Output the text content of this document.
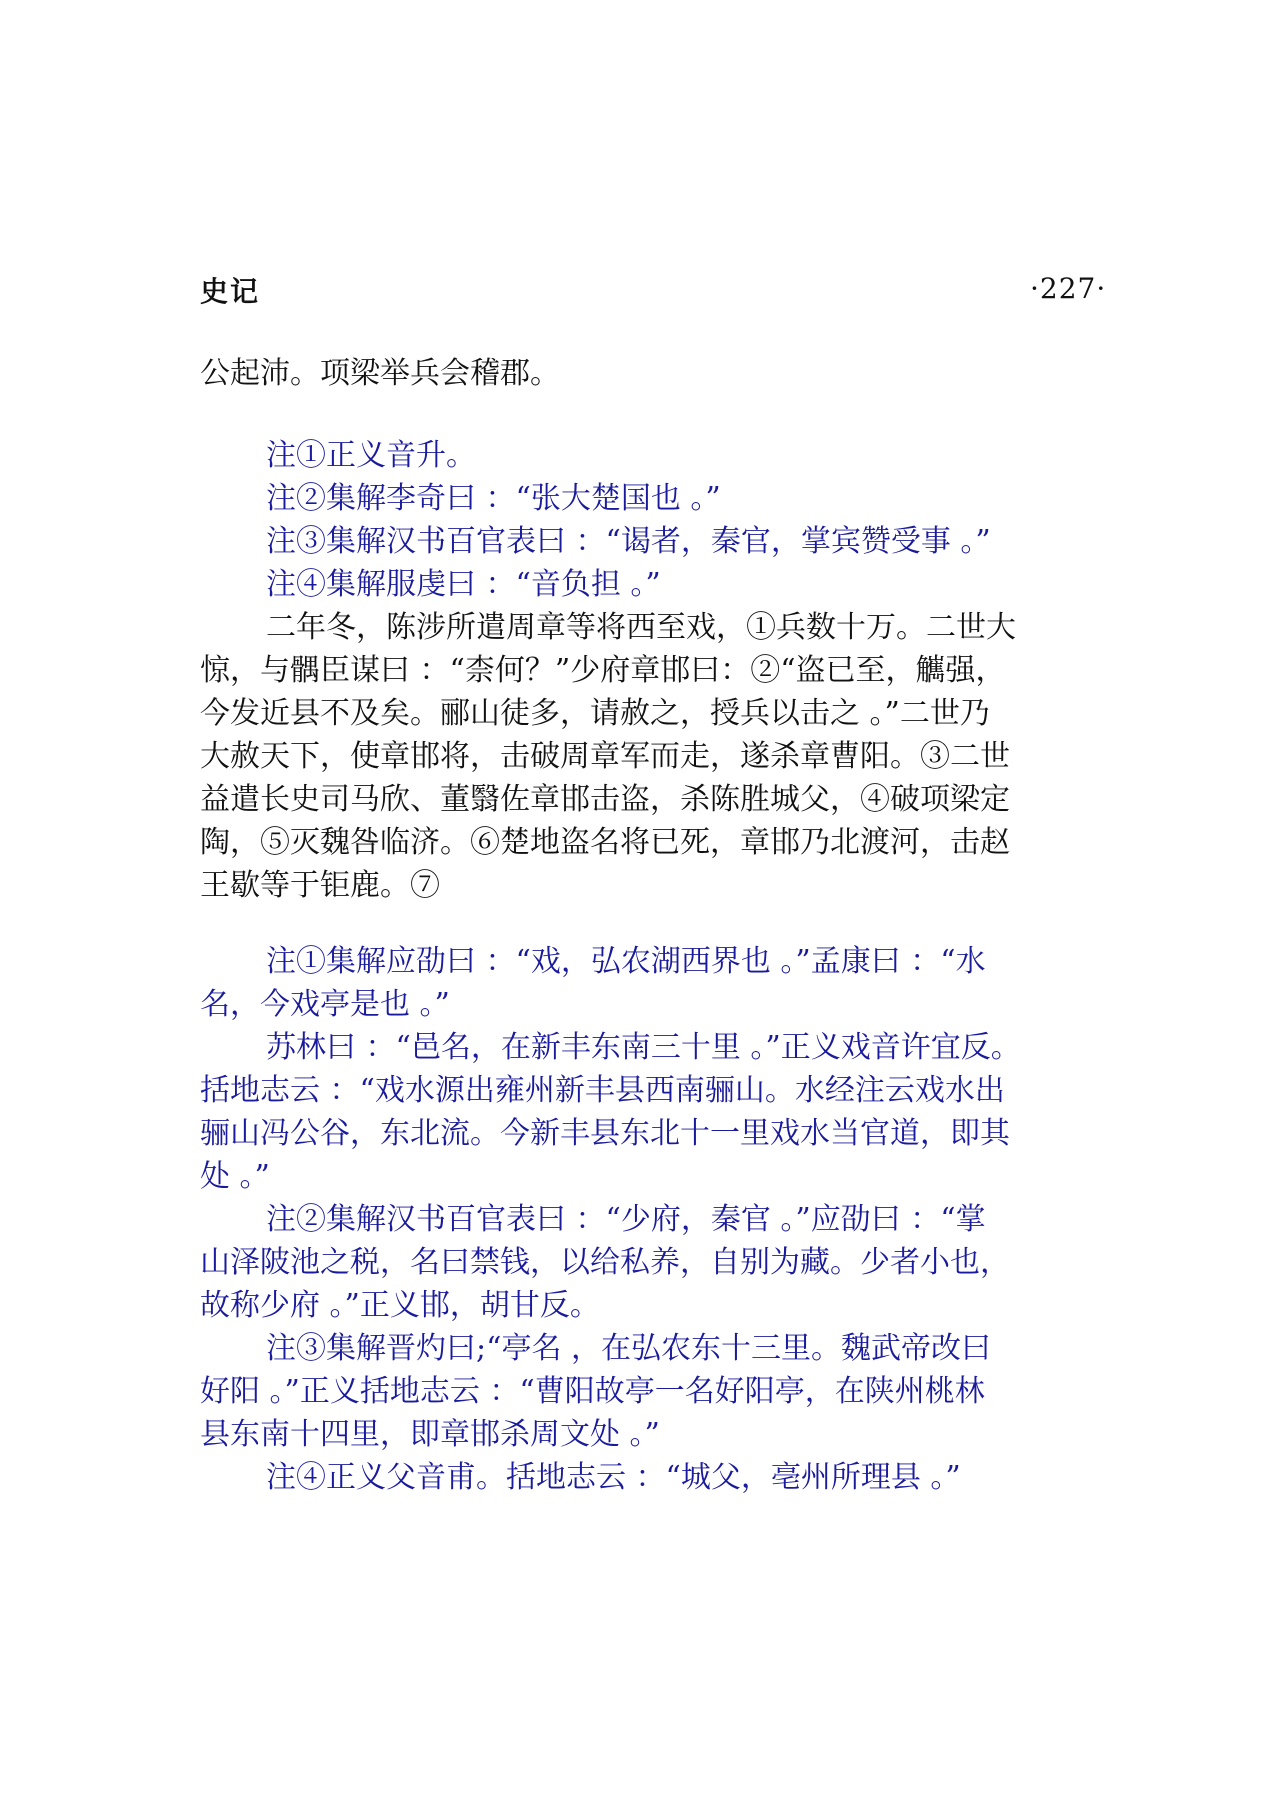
史记	·227·
公起沛。项梁举兵会稽郡。
注①正义音升。
注②集解李奇曰 ：“张大楚国也 。”
注③集解汉书百官表曰 ：“谒者，秦官，掌宾赞受事 。”
注④集解服虔曰 ：“音负担 。”
二年冬，陈涉所遣周章等将西至戏，①兵数十万。二世大
惊，与髃臣谋曰 ：“柰何？”少府章邯曰：②“盗已至，觽强，
今发近县不及矣。郦山徒多，请赦之，授兵以击之 。”二世乃
大赦天下，使章邯将，击破周章军而走，遂杀章曹阳。③二世
益遣长史司马欣、董翳佐章邯击盗，杀陈胜城父，④破项梁定
陶，⑤灭魏咎临济。⑥楚地盗名将已死，章邯乃北渡河，击赵
王歇等于钜鹿。⑦
注①集解应劭曰 ：“戏，弘农湖西界也 。”孟康曰 ：“水
名，今戏亭是也 。”
苏林曰 ：“邑名，在新丰东南三十里 。”正义戏音许宜反。
括地志云 ：“戏水源出雍州新丰县西南骊山。水经注云戏水出
骊山冯公谷，东北流。今新丰县东北十一里戏水当官道，即其
处 。”
注②集解汉书百官表曰 ：“少府，秦官 。”应劭曰 ：“掌
山泽陂池之税，名曰禁钱，以给私养，自别为藏。少者小也，
故称少府 。”正义邯，胡甘反。
注③集解晋灼曰;“亭名 ，在弘农东十三里。魏武帝改曰
好阳 。”正义括地志云 ：“曹阳故亭一名好阳亭，在陕州桃林
县东南十四里，即章邯杀周文处 。”
注④正义父音甫。括地志云 ：“城父，亳州所理县 。”
